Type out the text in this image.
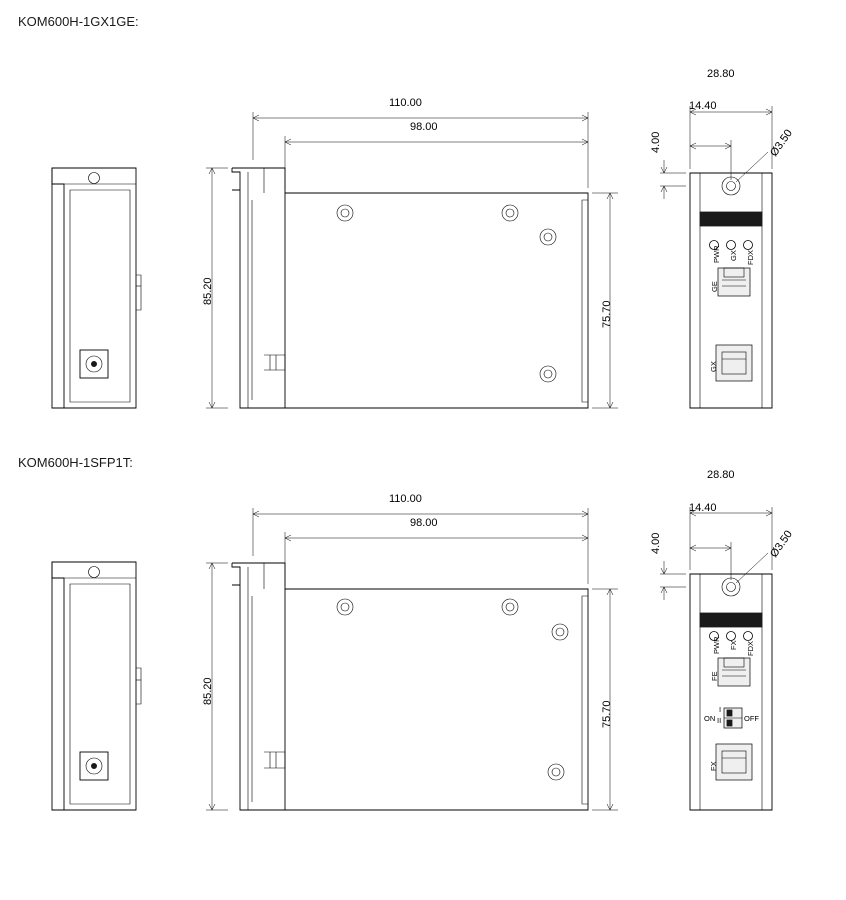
KOM600H-1GX1GE:
110.00
98.00
85.20
75.70
28.80
14.40
4.00	Ø3.50
PWR GX FDX
GE
GX
KOM600H-1SFP1T:
110.00
98.00
85.20
75.70
28.80
14.40
4.00	Ø3.50
PWR FX FDX
FE
FX
ON	OFF
I
II
